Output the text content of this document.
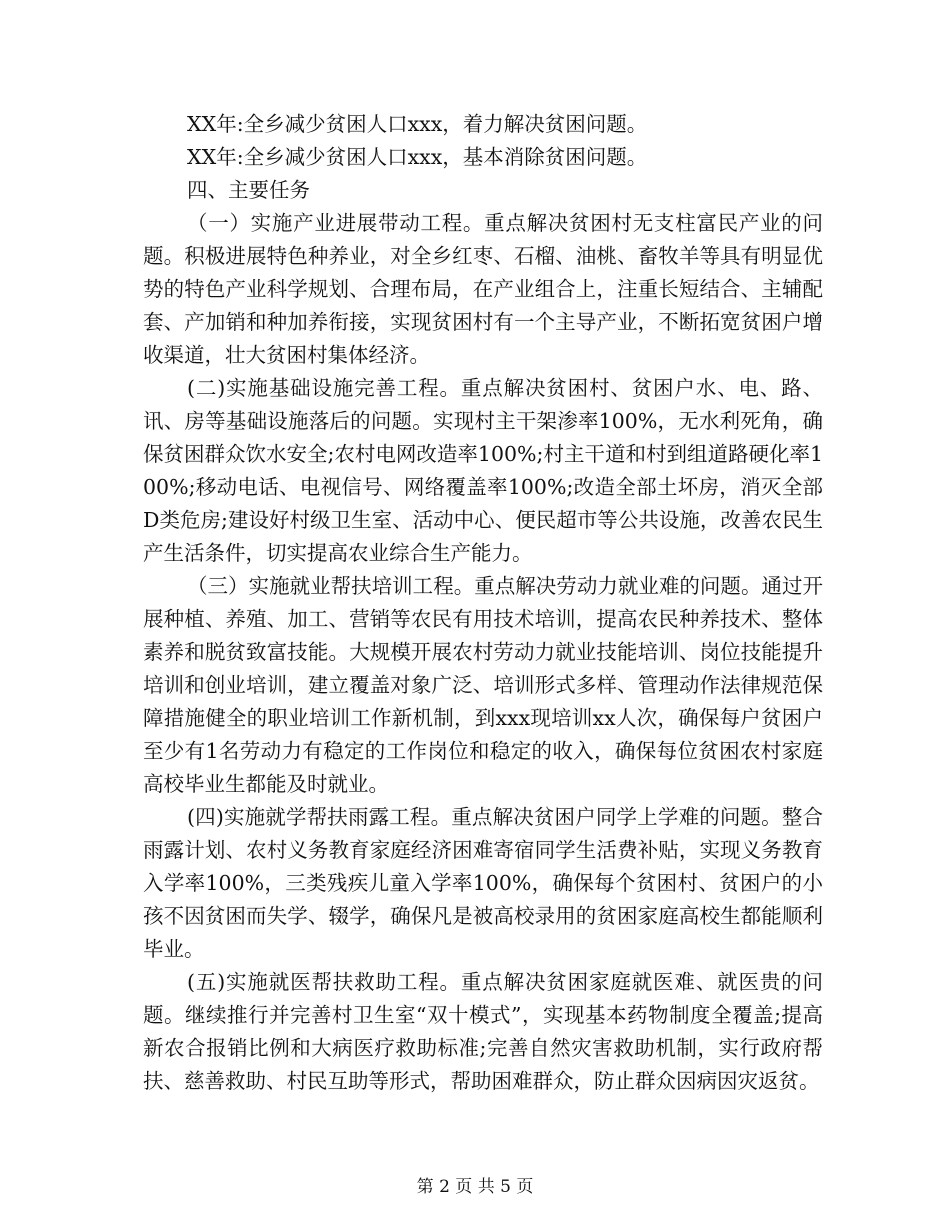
XX年:全乡减少贫困人口xxx，着力解决贫困问题。

XX年:全乡减少贫困人口xxx，基本消除贫困问题。

四、主要任务

（一）实施产业进展带动工程。重点解决贫困村无支柱富民产业的问题。积极进展特色种养业，对全乡红枣、石榴、油桃、畜牧羊等具有明显优势的特色产业科学规划、合理布局，在产业组合上，注重长短结合、主辅配套、产加销和种加养衔接，实现贫困村有一个主导产业，不断拓宽贫困户增收渠道，壮大贫困村集体经济。

(二)实施基础设施完善工程。重点解决贫困村、贫困户水、电、路、讯、房等基础设施落后的问题。实现村主干架渗率100%，无水利死角，确保贫困群众饮水安全;农村电网改造率100%;村主干道和村到组道路硬化率100%;移动电话、电视信号、网络覆盖率100%;改造全部土坏房，消灭全部D类危房;建设好村级卫生室、活动中心、便民超市等公共设施，改善农民生产生活条件，切实提高农业综合生产能力。

（三）实施就业帮扶培训工程。重点解决劳动力就业难的问题。通过开展种植、养殖、加工、营销等农民有用技术培训，提高农民种养技术、整体素养和脱贫致富技能。大规模开展农村劳动力就业技能培训、岗位技能提升培训和创业培训，建立覆盖对象广泛、培训形式多样、管理动作法律规范保障措施健全的职业培训工作新机制，到xxx现培训xx人次，确保每户贫困户至少有1名劳动力有稳定的工作岗位和稳定的收入，确保每位贫困农村家庭高校毕业生都能及时就业。

(四)实施就学帮扶雨露工程。重点解决贫困户同学上学难的问题。整合雨露计划、农村义务教育家庭经济困难寄宿同学生活费补贴，实现义务教育入学率100%，三类残疾儿童入学率100%，确保每个贫困村、贫困户的小孩不因贫困而失学、辍学，确保凡是被高校录用的贫困家庭高校生都能顺利毕业。

(五)实施就医帮扶救助工程。重点解决贫困家庭就医难、就医贵的问题。继续推行并完善村卫生室“双十模式”，实现基本药物制度全覆盖;提高新农合报销比例和大病医疗救助标准;完善自然灾害救助机制，实行政府帮扶、慈善救助、村民互助等形式，帮助困难群众，防止群众因病因灾返贫。

第 2 页 共 5 页
